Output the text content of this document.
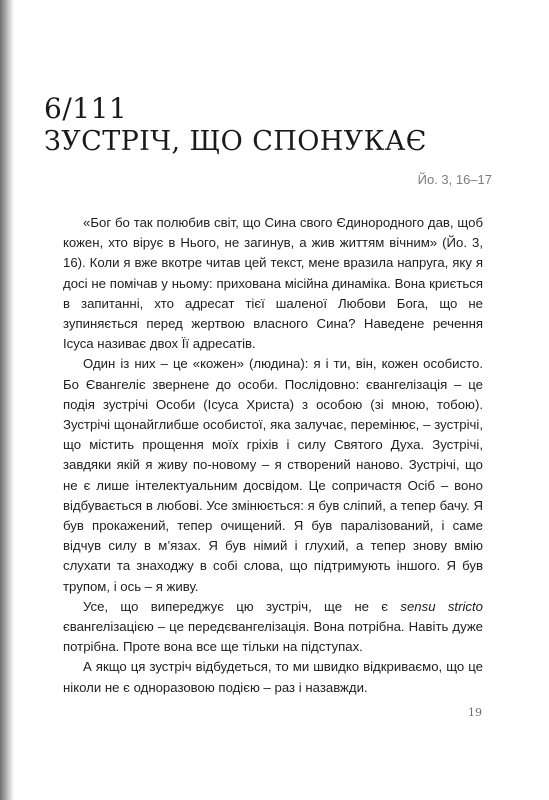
6/111
ЗУСТРІЧ, ЩО СПОНУКАЄ
Йо. 3, 16–17

«Бог бо так полюбив світ, що Сина свого Єдинородного дав, щоб кожен, хто вірує в Нього, не загинув, а жив життям вічним» (Йо. 3, 16). Коли я вже вкотре читав цей текст, мене вразила напруга, яку я досі не помічав у ньому: прихована місійна динаміка. Вона криється в запитанні, хто адресат тієї шаленої Любови Бога, що не зупиняється перед жертвою власного Сина? Наведене речення Ісуса називає двох Її адресатів.

Один із них – це «кожен» (людина): я і ти, він, кожен особисто. Бо Євангеліє звернене до особи. Послідовно: євангелізація – це подія зустрічі Особи (Ісуса Христа) з особою (зі мною, тобою). Зустрічі щонайглибше особистої, яка залучає, перемінює, – зустрічі, що містить прощення моїх гріхів і силу Святого Духа. Зустрічі, завдяки якій я живу по-новому – я створений наново. Зустрічі, що не є лише інтелектуальним досвідом. Це сопричастя Осіб – воно відбувається в любові. Усе змінюється: я був сліпий, а тепер бачу. Я був прокажений, тепер очищений. Я був паралізований, і саме відчув силу в м’язах. Я був німий і глухий, а тепер знову вмію слухати та знаходжу в собі слова, що підтримують іншого. Я був трупом, і ось – я живу.

Усе, що випереджує цю зустріч, ще не є sensu stricto євангелізацією – це передєвангелізація. Вона потрібна. Навіть дуже потрібна. Проте вона все ще тільки на підступах.

А якщо ця зустріч відбудеться, то ми швидко відкриваємо, що це ніколи не є одноразовою подією – раз і назавжди.

19
